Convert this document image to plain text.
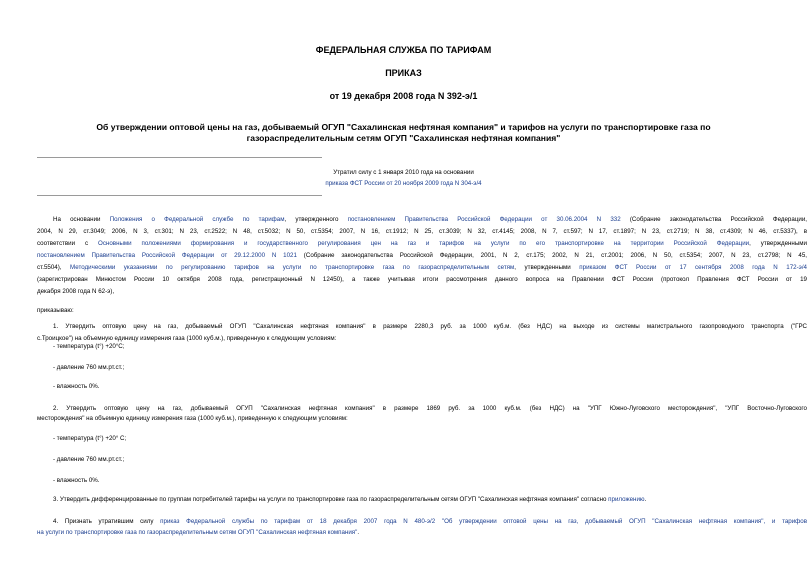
ФЕДЕРАЛЬНАЯ СЛУЖБА ПО ТАРИФАМ
ПРИКАЗ
от 19 декабря 2008 года N 392-э/1
Об утверждении оптовой цены на газ, добываемый ОГУП "Сахалинская нефтяная компания" и тарифов на услуги по транспортировке газа по
газораспределительным сетям ОГУП "Сахалинская нефтяная компания"
Утратил силу с 1 января 2010 года на основании
приказа ФСТ России от 20 ноября 2009 года N 304-э/4
На основании Положения о Федеральной службе по тарифам, утвержденного постановлением Правительства Российской Федерации от 30.06.2004 N 332 (Собрание законодательства Российской Федерации,
2004, N 29, ст.3049; 2006, N 3, ст.301; N 23, ст.2522; N 48, ст.5032; N 50, ст.5354; 2007, N 16, ст.1912; N 25, ст.3039; N 32, ст.4145; 2008, N 7, ст.597; N 17, ст.1897; N 23, ст.2719; N 38, ст.4309; N 46, ст.5337), в
соответствии с Основными положениями формирования и государственного регулирования цен на газ и тарифов на услуги по его транспортировке на территории Российской Федерации, утвержденными
постановлением Правительства Российской Федерации от 29.12.2000 N 1021 (Собрание законодательства Российской Федерации, 2001, N 2, ст.175; 2002, N 21, ст.2001; 2006, N 50, ст.5354; 2007, N 23, ст.2798; N 45,
ст.5504), Методическими указаниями по регулированию тарифов на услуги по транспортировке газа по газораспределительным сетям, утвержденными приказом ФСТ России от 17 сентября 2008 года N 172-э/4
(зарегистрирован Минюстом России 10 октября 2008 года, регистрационный N 12450), а также учитывая итоги рассмотрения данного вопроса на Правлении ФСТ России (протокол Правления ФСТ России от 19
декабря 2008 года N 62-э),
приказываю:
1. Утвердить оптовую цену на газ, добываемый ОГУП "Сахалинская нефтяная компания" в размере 2280,3 руб. за 1000 куб.м. (без НДС) на выходе из системы магистрального газопроводного транспорта ("ГРС
с.Троицкое") на объемную единицу измерения газа (1000 куб.м.), приведенную к следующим условиям:
- температура (t°) +20°С;
- давление 760 мм.рт.ст.;
- влажность 0%.
2. Утвердить оптовую цену на газ, добываемый ОГУП "Сахалинская нефтяная компания" в размере 1869 руб. за 1000 куб.м. (без НДС) на "УПГ Южно-Луговского месторождения", "УПГ Восточно-Луговского
месторождения" на объемную единицу измерения газа (1000 куб.м.), приведенную к следующим условиям:
- температура (t°) +20° С;
- давление 760 мм.рт.ст.;
- влажность 0%.
3. Утвердить дифференцированные по группам потребителей тарифы на услуги по транспортировке газа по газораспределительным сетям ОГУП "Сахалинская нефтяная компания" согласно приложению.
4. Признать утратившим силу приказ Федеральной службы по тарифам от 18 декабря 2007 года N 480-э/2 "Об утверждении оптовой цены на газ, добываемый ОГУП "Сахалинская нефтяная компания", и тарифов
на услуги по транспортировке газа по газораспределительным сетям ОГУП "Сахалинская нефтяная компания".
